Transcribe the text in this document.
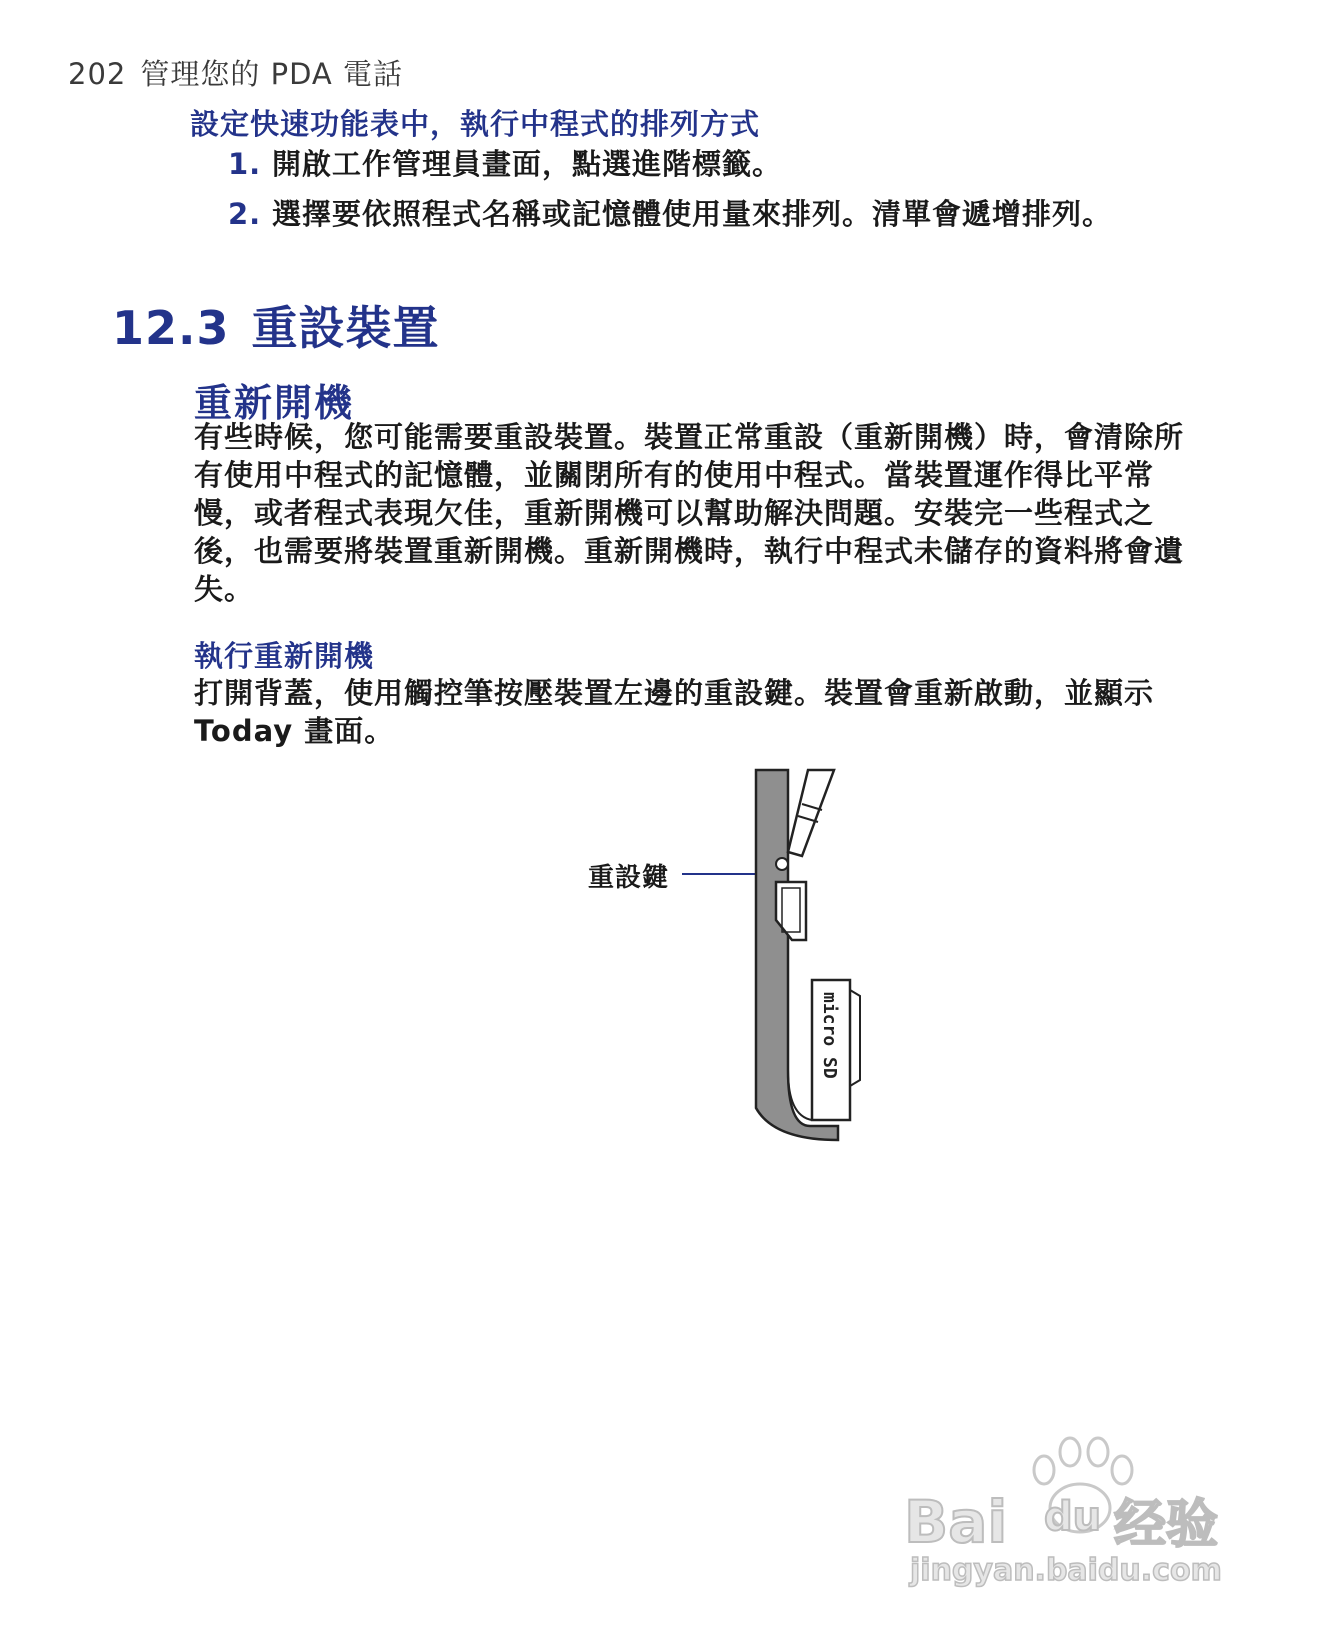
202 管理您的 PDA 電話
設定快速功能表中，執行中程式的排列方式
1. 開啟工作管理員畫面，點選進階標籤。
2. 選擇要依照程式名稱或記憶體使用量來排列。清單會遞增排列。
12.3 重設裝置
重新開機

有些時候，您可能需要重設裝置。裝置正常重設（重新開機）時，會清除所有使用中程式的記憶體，並關閉所有的使用中程式。當裝置運作得比平常慢，或者程式表現欠佳，重新開機可以幫助解決問題。安裝完一些程式之後，也需要將裝置重新開機。重新開機時，執行中程式未儲存的資料將會遺失。

執行重新開機

打開背蓋，使用觸控筆按壓裝置左邊的重設鍵。裝置會重新啟動，並顯示 Today 畫面。

重設鍵
micro SD
Bai du 经验
jingyan.baidu.com
